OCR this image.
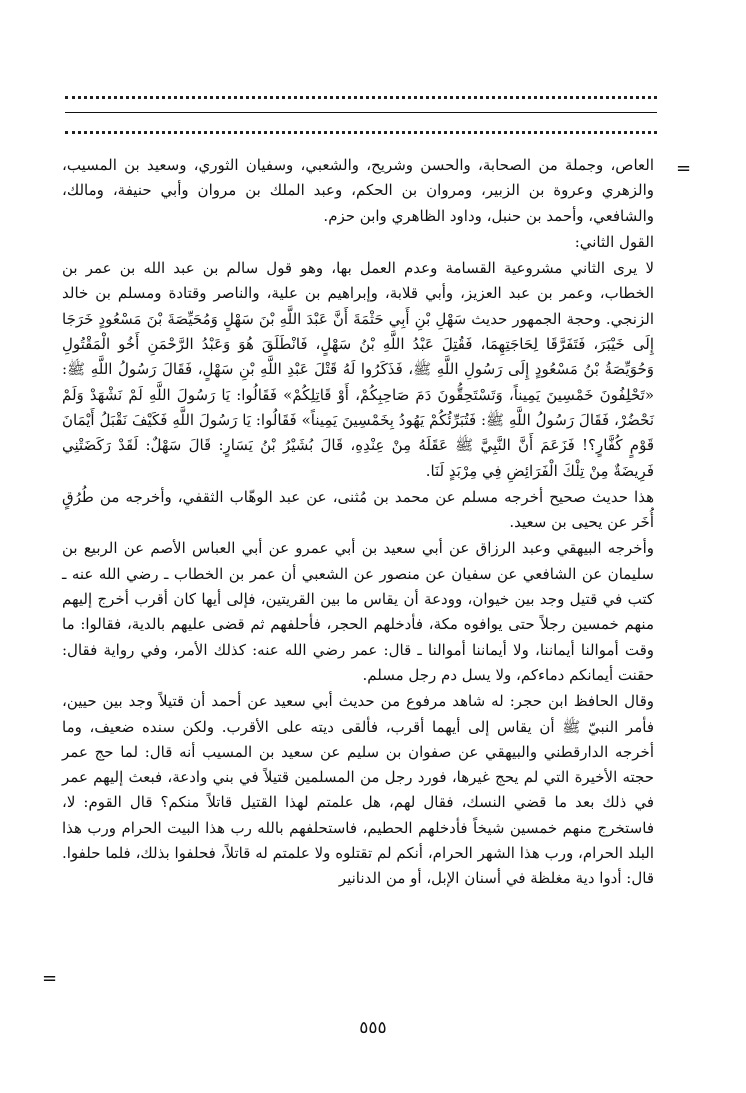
=

العاص، وجملة من الصحابة، والحسن وشريح، والشعبي، وسفيان الثوري، وسعيد بن المسيب، والزهري وعروة بن الزبير، ومروان بن الحكم، وعبد الملك بن مروان وأبي حنيفة، ومالك، والشافعي، وأحمد بن حنبل، وداود الظاهري وابن حزم.

القول الثاني:

لا يرى الثاني مشروعية القسامة وعدم العمل بها، وهو قول سالم بن عبد الله بن عمر بن الخطاب، وعمر بن عبد العزيز، وأبي قلابة، وإبراهيم بن علية، والناصر وقتادة ومسلم بن خالد الزنجي. وحجة الجمهور حديث سَهْلِ بْنِ أَبِي حَثْمَةَ أَنَّ عَبْدَ اللَّهِ بْنَ سَهْلٍ وَمُحَيِّصَةَ بْنَ مَسْعُودٍ خَرَجَا إِلَى خَيْبَرَ، فَتَفَرَّقَا لِحَاجَتِهِمَا، فَقُتِلَ عَبْدُ اللَّهِ بْنُ سَهْلٍ، فَانْطَلَقَ هُوَ وَعَبْدُ الرَّحْمَنِ أَخُو الْمَقْتُولِ وَحُوَيِّصَةُ بْنُ مَسْعُودٍ إِلَى رَسُولِ اللَّهِ ﷺ، فَذَكَرُوا لَهُ قَتْلَ عَبْدِ اللَّهِ بْنِ سَهْلٍ، فَقَالَ رَسُولُ اللَّهِ ﷺ: «تَحْلِفُونَ خَمْسِينَ يَمِيناً، وَتَسْتَحِقُّونَ دَمَ صَاحِبِكُمْ، أَوْ قَاتِلِكُمْ» فَقَالُوا: يَا رَسُولَ اللَّهِ لَمْ نَشْهَدْ وَلَمْ نَحْضُرْ، فَقَالَ رَسُولُ اللَّهِ ﷺ: فَتُبَرِّئُكُمْ يَهُودُ بِخَمْسِينَ يَمِيناً» فَقَالُوا: يَا رَسُولَ اللَّهِ فَكَيْفَ نَقْبَلُ أَيْمَانَ قَوْمٍ كُفَّارٍ؟! فَزَعَمَ أَنَّ النَّبِيَّ ﷺ عَقَلَهُ مِنْ عِنْدِهِ، قَالَ بُشَيْرُ بْنُ يَسَارٍ: قَالَ سَهْلٌ: لَقَدْ رَكَضَتْنِي فَرِيضَةٌ مِنْ تِلْكَ الْفَرَائِضِ فِي مِرْبَدٍ لَنَا.

هذا حديث صحيح أخرجه مسلم عن محمد بن مُثنى، عن عبد الوهّاب الثقفي، وأخرجه من طُرُقٍ أُخَر عن يحيى بن سعيد.

وأخرجه البيهقي وعبد الرزاق عن أبي سعيد بن أبي عمرو عن أبي العباس الأصم عن الربيع بن سليمان عن الشافعي عن سفيان عن منصور عن الشعبي أن عمر بن الخطاب ـ رضي الله عنه ـ كتب في قتيل وجد بين خيوان، وودعة أن يقاس ما بين القريتين، فإلى أيها كان أقرب أخرج إليهم منهم خمسين رجلاً حتى يوافوه مكة، فأدخلهم الحجر، فأحلفهم ثم قضى عليهم بالدية، فقالوا: ما وقت أموالنا أيماننا، ولا أيماننا أموالنا ـ قال: عمر رضي الله عنه: كذلك الأمر، وفي رواية فقال: حقنت أيمانكم دماءكم، ولا يسل دم رجل مسلم.

وقال الحافظ ابن حجر: له شاهد مرفوع من حديث أبي سعيد عن أحمد أن قتيلاً وجد بين حيين، فأمر النبيّ ﷺ أن يقاس إلى أيهما أقرب، فألقى ديته على الأقرب. ولكن سنده ضعيف، وما أخرجه الدارقطني والبيهقي عن صفوان بن سليم عن سعيد بن المسيب أنه قال: لما حج عمر حجته الأخيرة التي لم يحج غيرها، فورد رجل من المسلمين قتيلاً في بني وادعة، فبعث إليهم عمر في ذلك بعد ما قضي النسك، فقال لهم، هل علمتم لهذا القتيل قاتلاً منكم؟ قال القوم: لا، فاستخرج منهم خمسين شيخاً فأدخلهم الحطيم، فاستحلفهم بالله رب هذا البيت الحرام ورب هذا البلد الحرام، ورب هذا الشهر الحرام، أنكم لم تقتلوه ولا علمتم له قاتلاً، فحلفوا بذلك، فلما حلفوا. قال: أدوا دية مغلظة في أسنان الإبل، أو من الدنانير

=
٥٥٥
